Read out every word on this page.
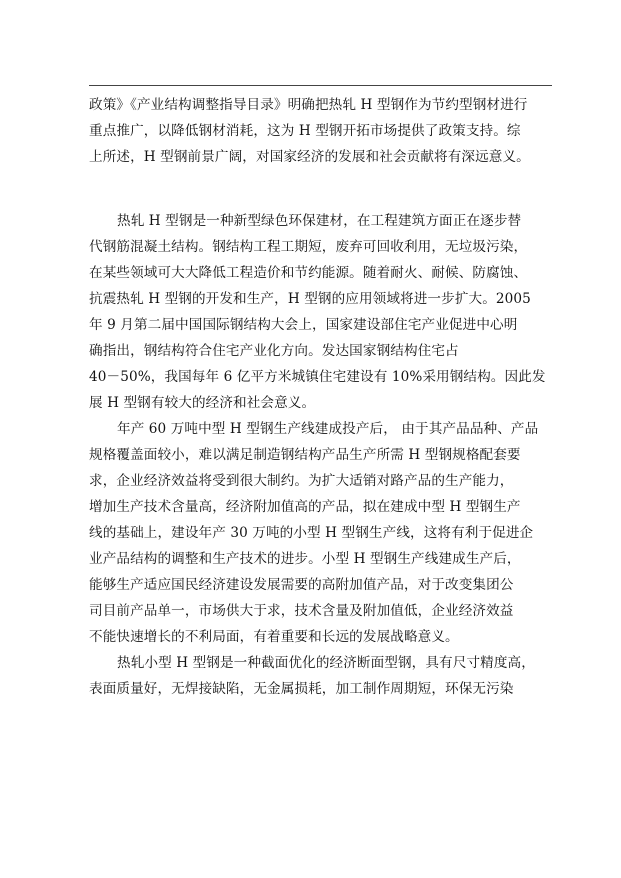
政策》《产业结构调整指导目录》明确把热轧 H 型钢作为节约型钢材进行
重点推广，以降低钢材消耗，这为 H 型钢开拓市场提供了政策支持。综
上所述，H 型钢前景广阔，对国家经济的发展和社会贡献将有深远意义。
热轧 H 型钢是一种新型绿色环保建材，在工程建筑方面正在逐步替
代钢筋混凝土结构。钢结构工程工期短，废弃可回收利用，无垃圾污染，
在某些领域可大大降低工程造价和节约能源。随着耐火、耐候、防腐蚀、
抗震热轧 H 型钢的开发和生产，H 型钢的应用领域将进一步扩大。2005
年 9 月第二届中国国际钢结构大会上，国家建设部住宅产业促进中心明
确指出，钢结构符合住宅产业化方向。发达国家钢结构住宅占
40－50%，我国每年 6 亿平方米城镇住宅建设有 10%采用钢结构。因此发
展 H 型钢有较大的经济和社会意义。
年产 60 万吨中型 H 型钢生产线建成投产后， 由于其产品品种、产品
规格覆盖面较小，难以满足制造钢结构产品生产所需 H 型钢规格配套要
求，企业经济效益将受到很大制约。为扩大适销对路产品的生产能力，
增加生产技术含量高，经济附加值高的产品，拟在建成中型 H 型钢生产
线的基础上，建设年产 30 万吨的小型 H 型钢生产线，这将有利于促进企
业产品结构的调整和生产技术的进步。小型 H 型钢生产线建成生产后，
能够生产适应国民经济建设发展需要的高附加值产品，对于改变集团公
司目前产品单一，市场供大于求，技术含量及附加值低，企业经济效益
不能快速增长的不利局面，有着重要和长远的发展战略意义。
热轧小型 H 型钢是一种截面优化的经济断面型钢，具有尺寸精度高，
表面质量好，无焊接缺陷，无金属损耗，加工制作周期短，环保无污染
